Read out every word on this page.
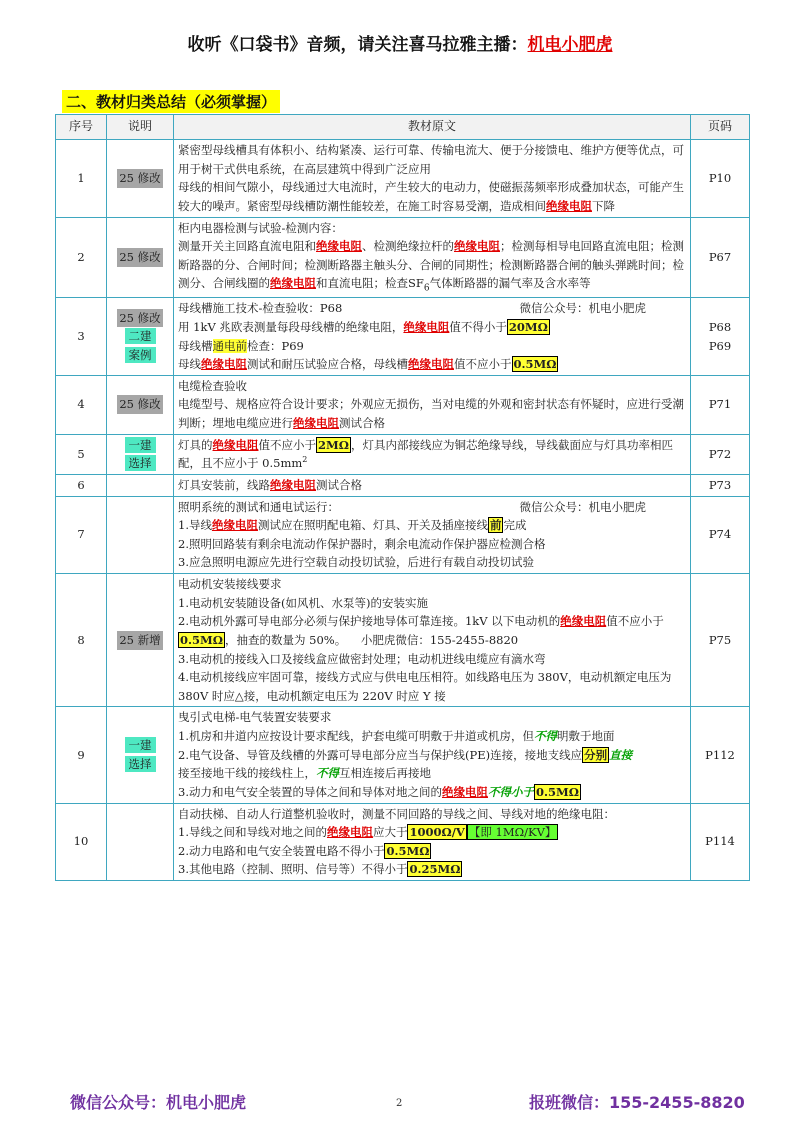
收听《口袋书》音频，请关注喜马拉雅主播：机电小肥虎
二、教材归类总结（必须掌握）
序号	说明	教材原文	页码
1	25 修改	紧密型母线槽具有体积小、结构紧凑、运行可靠、传输电流大、便于分接馈电、维护方便等优点，可用于树干式供电系统，在高层建筑中得到广泛应用
母线的相间气隙小，母线通过大电流时，产生较大的电动力，使磁振荡频率形成叠加状态，可能产生较大的噪声。紧密型母线槽防潮性能较差，在施工时容易受潮，造成相间绝缘电阻下降	P10
2	25 修改	柜内电器检测与试验-检测内容：
测量开关主回路直流电阻和绝缘电阻、检测绝缘拉杆的绝缘电阻；检测每相导电回路直流电阻；检测断路器的分、合闸时间；检测断路器主触头分、合闸的同期性；检测断路器合闸的触头弹跳时间；检测分、合闸线圈的绝缘电阻和直流电阻；检查$SF_6$气体断路器的漏气率及含水率等	P67
3	25 修改
二建
案例	母线槽施工技术-检查验收：P68 微信公众号：机电小肥虎

用 1kV 兆欧表测量每段母线槽的绝缘电阻，绝缘电阻值不得小于 20MΩ
母线槽通电前检查：P69
母线绝缘电阻测试和耐压试验应合格，母线槽绝缘电阻值不应小于 0.5MΩ	P68
P69
4	25 修改	电缆检查验收
电缆型号、规格应符合设计要求；外观应无损伤，当对电缆的外观和密封状态有怀疑时，应进行受潮判断；埋地电缆应进行绝缘电阻测试合格	P71
5	一建
选择	灯具的绝缘电阻值不应小于 2MΩ ，灯具内部接线应为铜芯绝缘导线，导线截面应与灯具功率相匹配，且不应小于 $0.5mm^2$	P72
6		灯具安装前，线路绝缘电阻测试合格	P73
7		照明系统的测试和通电试运行： 微信公众号：机电小肥虎

1.导线绝缘电阻测试应在照明配电箱、灯具、开关及插座接线 前 完成
2.照明回路装有剩余电流动作保护器时，剩余电流动作保护器应检测合格
3.应急照明电源应先进行空载自动投切试验，后进行有载自动投切试验	P74
8	25 新增	电动机安装接线要求
1.电动机安装随设备(如风机、水泵等)的安装实施
2.电动机外露可导电部分必须与保护接地导体可靠连接。1kV 以下电动机的绝缘电阻值不应小于0.5MΩ ，抽查的数量为 50%。 小肥虎微信：155-2455-8820
3.电动机的接线入口及接线盒应做密封处理；电动机进线电缆应有滴水弯
4.电动机接线应牢固可靠，接线方式应与供电电压相符。如线路电压为 380V，电动机额定电压为 380V 时应△接，电动机额定电压为 220V 时应 Y 接	P75
9	一建
选择	曳引式电梯-电气装置安装要求
1.机房和井道内应按设计要求配线，护套电缆可明敷于井道或机房，但不得明敷于地面
2.电气设备、导管及线槽的外露可导电部分应当与保护线(PE)连接，接地支线应 分别 直接
接至接地干线的接线柱上，不得互相连接后再接地
3.动力和电气安全装置的导体之间和导体对地之间的绝缘电阻不得小于 0.5MΩ	P112
10		自动扶梯、自动人行道整机验收时，测量不同回路的导线之间、导线对地的绝缘电阻：
1.导线之间和导线对地之间的绝缘电阻应大于 1000Ω/V 【即 1MΩ/KV】
2.动力电路和电气安全装置电路不得小于 0.5MΩ
3.其他电路（控制、照明、信号等）不得小于 0.25MΩ	P114
微信公众号：机电小肥虎	2	报班微信：155-2455-8820
